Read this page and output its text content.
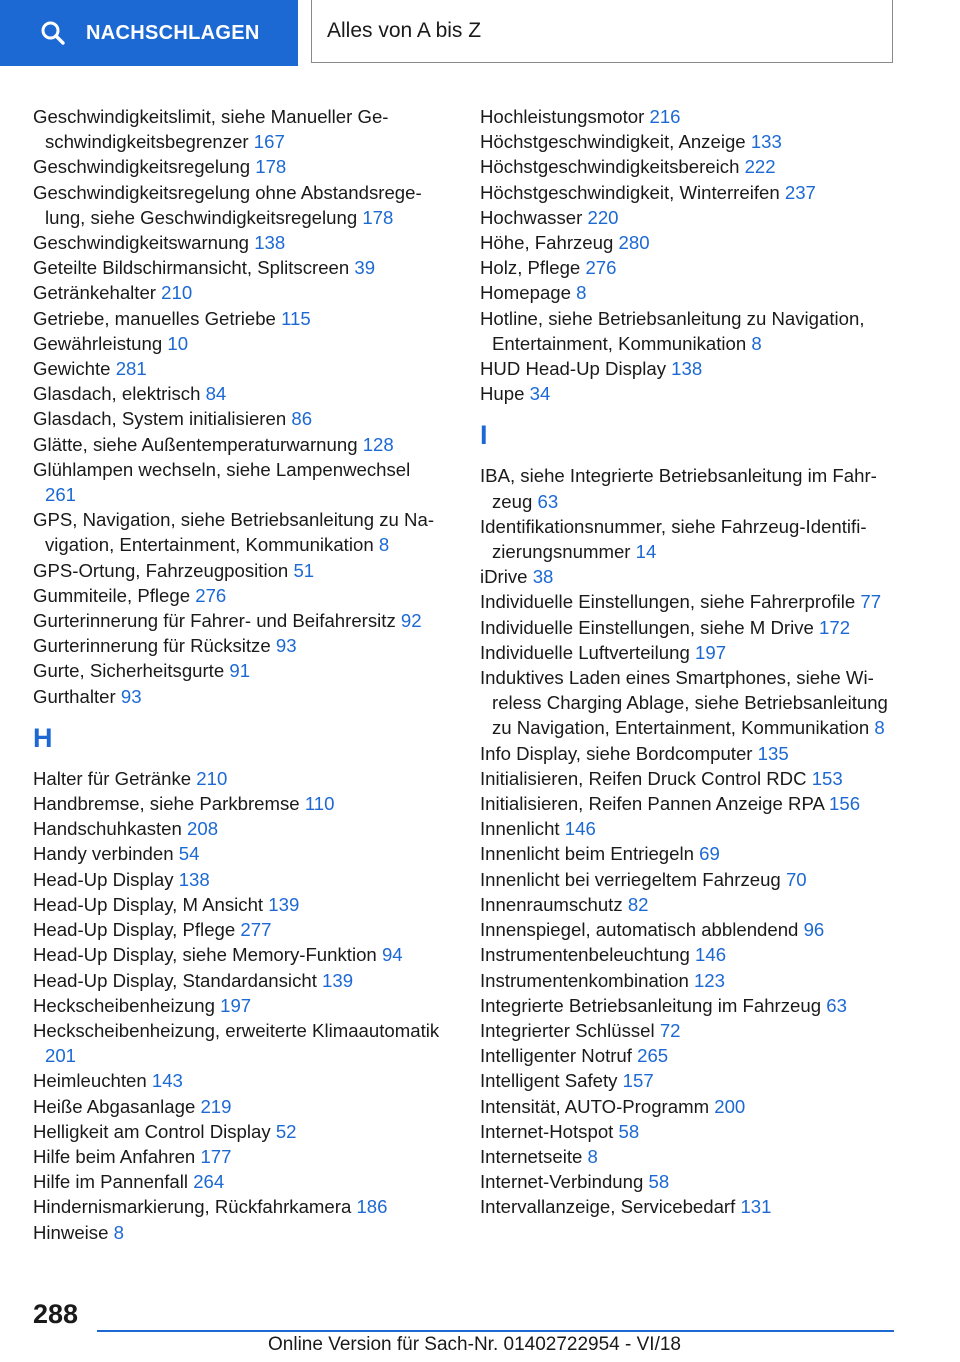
NACHSCHLAGEN	Alles von A bis Z
Geschwindigkeitslimit, siehe Manueller Geschwindigkeitsbegrenzer 167
Geschwindigkeitsregelung 178
Geschwindigkeitsregelung ohne Abstandsregelung, siehe Geschwindigkeitsregelung 178
Geschwindigkeitswarnung 138
Geteilte Bildschirmansicht, Splitscreen 39
Getränkehalter 210
Getriebe, manuelles Getriebe 115
Gewährleistung 10
Gewichte 281
Glasdach, elektrisch 84
Glasdach, System initialisieren 86
Glätte, siehe Außentemperaturwarnung 128
Glühlampen wechseln, siehe Lampenwechsel 261
GPS, Navigation, siehe Betriebsanleitung zu Navigation, Entertainment, Kommunikation 8
GPS-Ortung, Fahrzeugposition 51
Gummiteile, Pflege 276
Gurterinnerung für Fahrer- und Beifahrersitz 92
Gurterinnerung für Rücksitze 93
Gurte, Sicherheitsgurte 91
Gurthalter 93
H
Halter für Getränke 210
Handbremse, siehe Parkbremse 110
Handschuhkasten 208
Handy verbinden 54
Head-Up Display 138
Head-Up Display, M Ansicht 139
Head-Up Display, Pflege 277
Head-Up Display, siehe Memory-Funktion 94
Head-Up Display, Standardansicht 139
Heckscheibenheizung 197
Heckscheibenheizung, erweiterte Klimaautomatik 201
Heimleuchten 143
Heiße Abgasanlage 219
Helligkeit am Control Display 52
Hilfe beim Anfahren 177
Hilfe im Pannenfall 264
Hindernismarkierung, Rückfahrkamera 186
Hinweise 8
Hochleistungsmotor 216
Höchstgeschwindigkeit, Anzeige 133
Höchstgeschwindigkeitsbereich 222
Höchstgeschwindigkeit, Winterreifen 237
Hochwasser 220
Höhe, Fahrzeug 280
Holz, Pflege 276
Homepage 8
Hotline, siehe Betriebsanleitung zu Navigation, Entertainment, Kommunikation 8
HUD Head-Up Display 138
Hupe 34
I
IBA, siehe Integrierte Betriebsanleitung im Fahrzeug 63
Identifikationsnummer, siehe Fahrzeug-Identifizierungsnummer 14
iDrive 38
Individuelle Einstellungen, siehe Fahrerprofile 77
Individuelle Einstellungen, siehe M Drive 172
Individuelle Luftverteilung 197
Induktives Laden eines Smartphones, siehe Wireless Charging Ablage, siehe Betriebsanleitung zu Navigation, Entertainment, Kommunikation 8
Info Display, siehe Bordcomputer 135
Initialisieren, Reifen Druck Control RDC 153
Initialisieren, Reifen Pannen Anzeige RPA 156
Innenlicht 146
Innenlicht beim Entriegeln 69
Innenlicht bei verriegeltem Fahrzeug 70
Innenraumschutz 82
Innenspiegel, automatisch abblendend 96
Instrumentenbeleuchtung 146
Instrumentenkombination 123
Integrierte Betriebsanleitung im Fahrzeug 63
Integrierter Schlüssel 72
Intelligenter Notruf 265
Intelligent Safety 157
Intensität, AUTO-Programm 200
Internet-Hotspot 58
Internetseite 8
Internet-Verbindung 58
Intervallanzeige, Servicebedarf 131
288
Online Version für Sach-Nr. 01402722954 - VI/18
